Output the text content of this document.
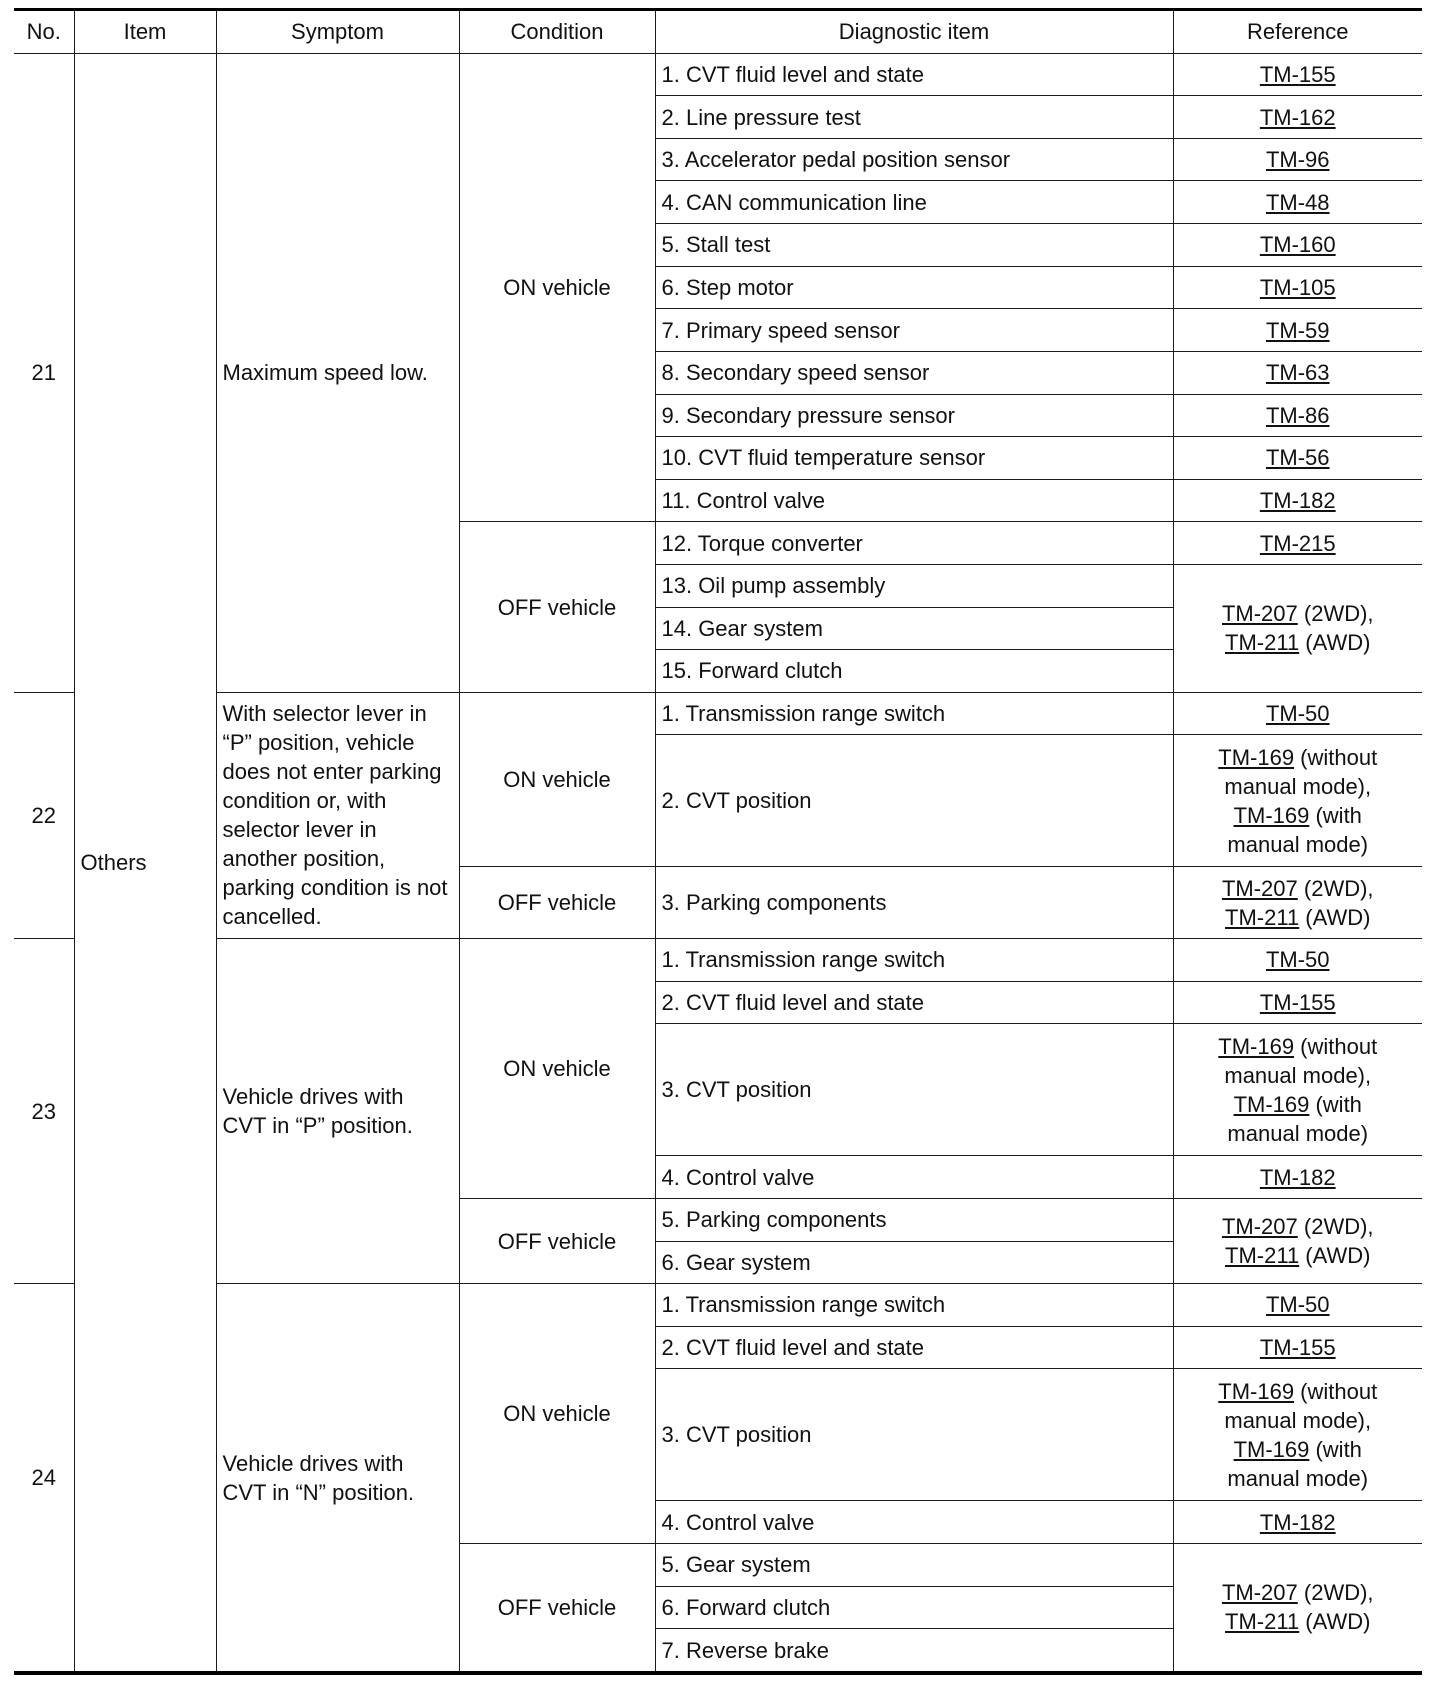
No.	Item	Symptom	Condition	Diagnostic item	Reference
21	Others	Maximum speed low.	ON vehicle	1. CVT fluid level and state	TM-155
				2. Line pressure test	TM-162
				3. Accelerator pedal position sensor	TM-96
				4. CAN communication line	TM-48
				5. Stall test	TM-160
				6. Step motor	TM-105
				7. Primary speed sensor	TM-59
				8. Secondary speed sensor	TM-63
				9. Secondary pressure sensor	TM-86
				10. CVT fluid temperature sensor	TM-56
				11. Control valve	TM-182
			OFF vehicle	12. Torque converter	TM-215
				13. Oil pump assembly	TM-207 (2WD),
TM-211 (AWD)
				14. Gear system	
				15. Forward clutch	
22		With selector lever in “P” position, vehicle does not enter parking condition or, with selector lever in another position, parking condition is not cancelled.	ON vehicle	1. Transmission range switch	TM-50
				2. CVT position	TM-169 (without
manual mode),
TM-169 (with
manual mode)
			OFF vehicle	3. Parking components	TM-207 (2WD),
TM-211 (AWD)
23		Vehicle drives with CVT in “P” position.	ON vehicle	1. Transmission range switch	TM-50
				2. CVT fluid level and state	TM-155
				3. CVT position	TM-169 (without
manual mode),
TM-169 (with
manual mode)
				4. Control valve	TM-182
			OFF vehicle	5. Parking components	TM-207 (2WD),
TM-211 (AWD)
				6. Gear system	
24		Vehicle drives with CVT in “N” position.	ON vehicle	1. Transmission range switch	TM-50
				2. CVT fluid level and state	TM-155
				3. CVT position	TM-169 (without
manual mode),
TM-169 (with
manual mode)
				4. Control valve	TM-182
			OFF vehicle	5. Gear system	TM-207 (2WD),
TM-211 (AWD)
				6. Forward clutch	
				7. Reverse brake	
